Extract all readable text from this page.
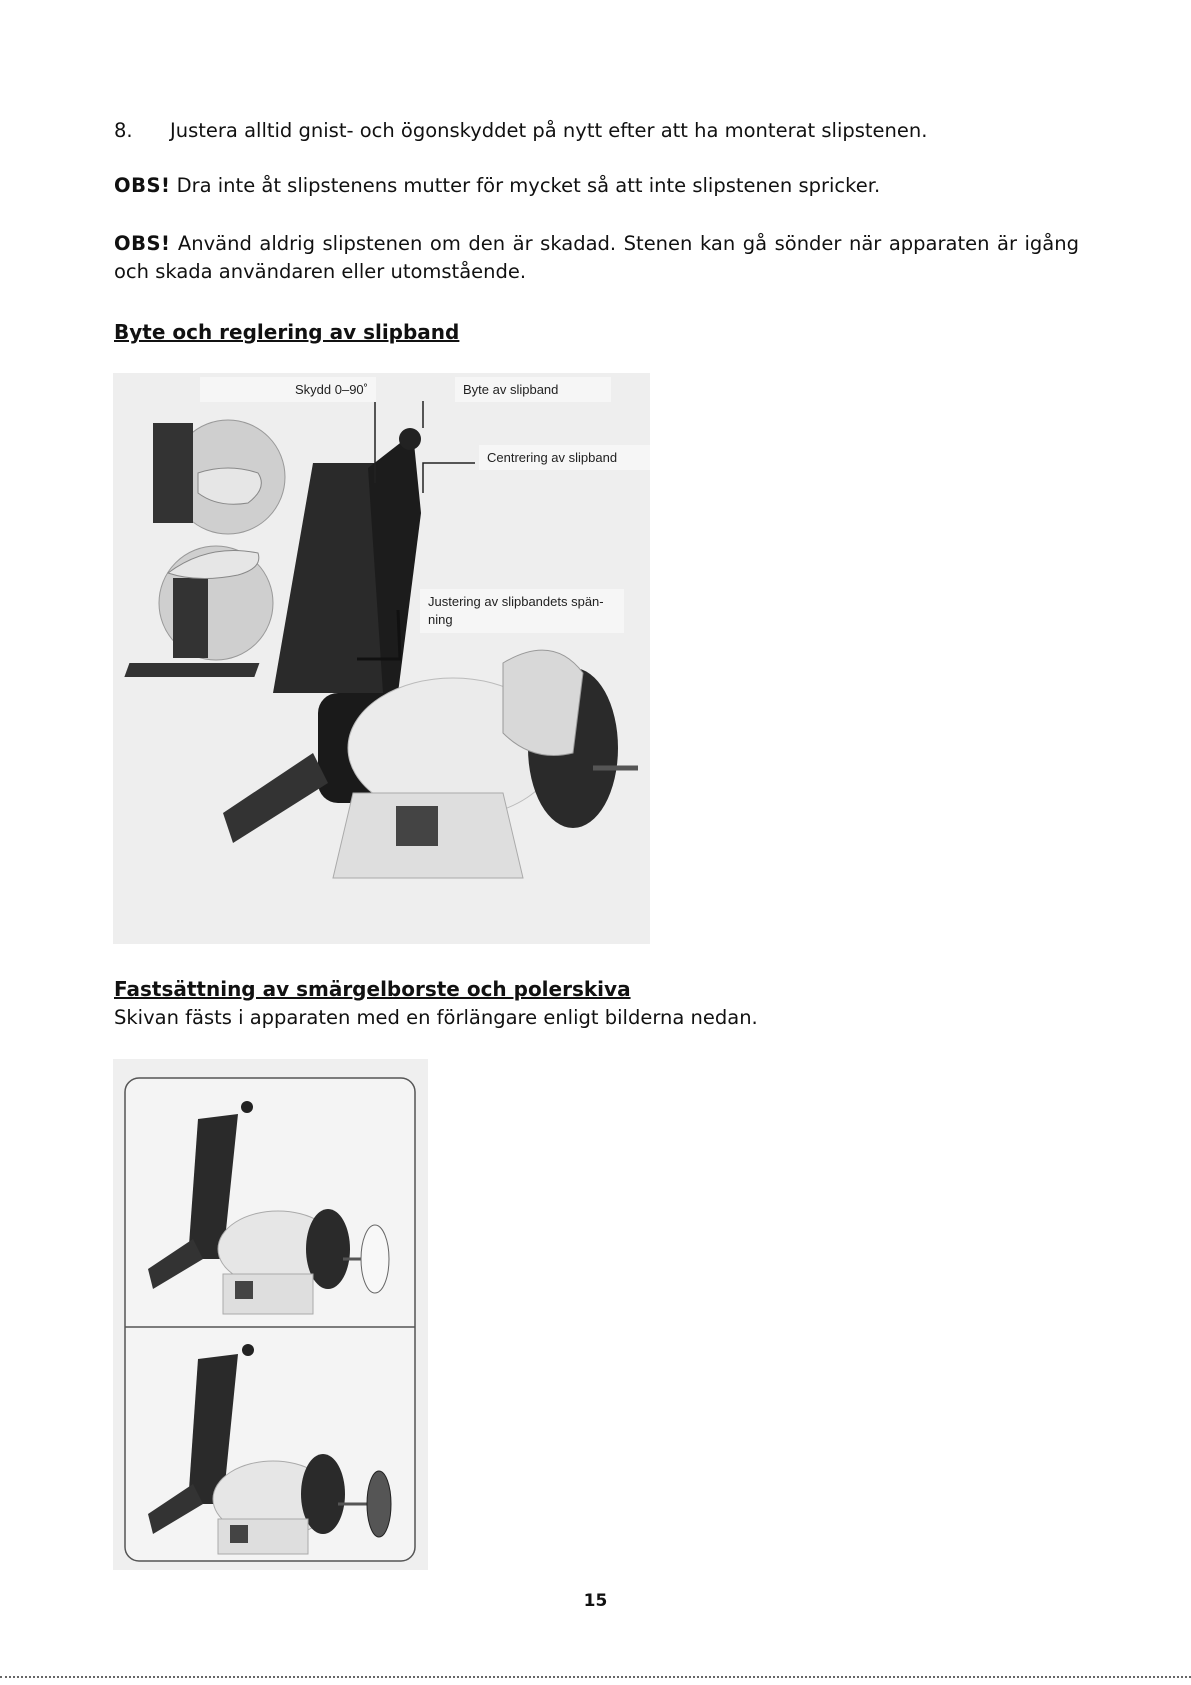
8. Justera alltid gnist- och ögonskyddet på nytt efter att ha monterat slipstenen.

OBS! Dra inte åt slipstenens mutter för mycket så att inte slipstenen spricker.

OBS! Använd aldrig slipstenen om den är skadad. Stenen kan gå sönder när apparaten är igång och skada användaren eller utomstående.

Byte och reglering av slipband
Skydd 0–90˚	Byte av slipband
Centrering av slipband
Justering av slipbandets spän-ning
Fastsättning av smärgelborste och polerskiva

Skivan fästs i apparaten med en förlängare enligt bilderna nedan.

15
